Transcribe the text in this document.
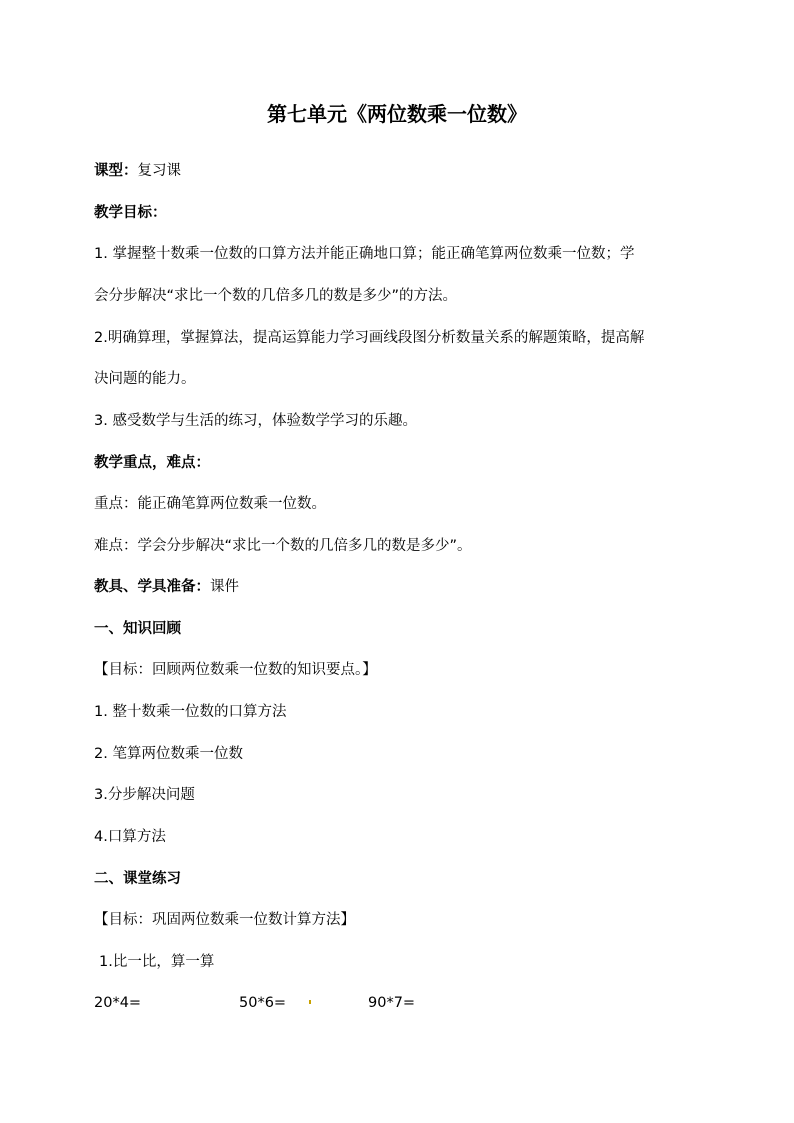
第七单元《两位数乘一位数》
课型：复习课
教学目标：
1. 掌握整十数乘一位数的口算方法并能正确地口算；能正确笔算两位数乘一位数；学
会分步解决“求比一个数的几倍多几的数是多少”的方法。
2.明确算理，掌握算法，提高运算能力学习画线段图分析数量关系的解题策略，提高解
决问题的能力。
3. 感受数学与生活的练习，体验数学学习的乐趣。
教学重点，难点：
重点：能正确笔算两位数乘一位数。
难点：学会分步解决“求比一个数的几倍多几的数是多少”。
教具、学具准备：课件
一、知识回顾
【目标：回顾两位数乘一位数的知识要点。】
1. 整十数乘一位数的口算方法
2. 笔算两位数乘一位数
3.分步解决问题
4.口算方法
二、课堂练习
【目标：巩固两位数乘一位数计算方法】
1.比一比，算一算
20*4=	50*6=	90*7=
